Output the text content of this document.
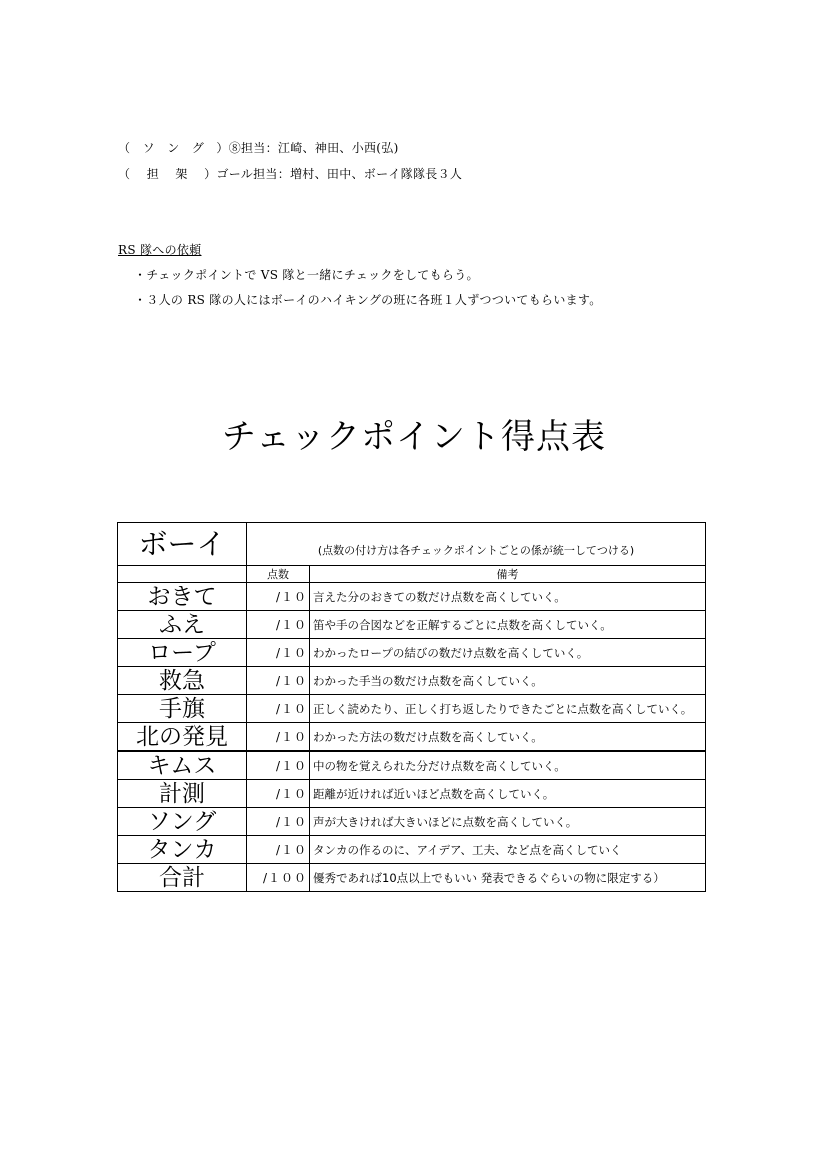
（　ソ　ン　グ　）⑧担当：江崎、神田、小西(弘)
（　 担　 架　 ）ゴール担当：増村、田中、ボーイ隊隊長３人
RS 隊への依頼
・チェックポイントで VS 隊と一緒にチェックをしてもらう。
・３人の RS 隊の人にはボーイのハイキングの班に各班１人ずつついてもらいます。
チェックポイント得点表
ボーイ	(点数の付け方は各チェックポイントごとの係が統一してつける)	
	点数	備考
おきて	/１０	言えた分のおきての数だけ点数を高くしていく。
ふえ	/１０	笛や手の合図などを正解するごとに点数を高くしていく。
ロープ	/１０	わかったロープの結びの数だけ点数を高くしていく。
救急	/１０	わかった手当の数だけ点数を高くしていく。
手旗	/１０	正しく読めたり、正しく打ち返したりできたごとに点数を高くしていく。
北の発見	/１０	わかった方法の数だけ点数を高くしていく。
キムス	/１０	中の物を覚えられた分だけ点数を高くしていく。
計測	/１０	距離が近ければ近いほど点数を高くしていく。
ソング	/１０	声が大きければ大きいほどに点数を高くしていく。
タンカ	/１０	タンカの作るのに、アイデア、工夫、など点を高くしていく
合計	/１００	優秀であれば10点以上でもいい 発表できるぐらいの物に限定する）
